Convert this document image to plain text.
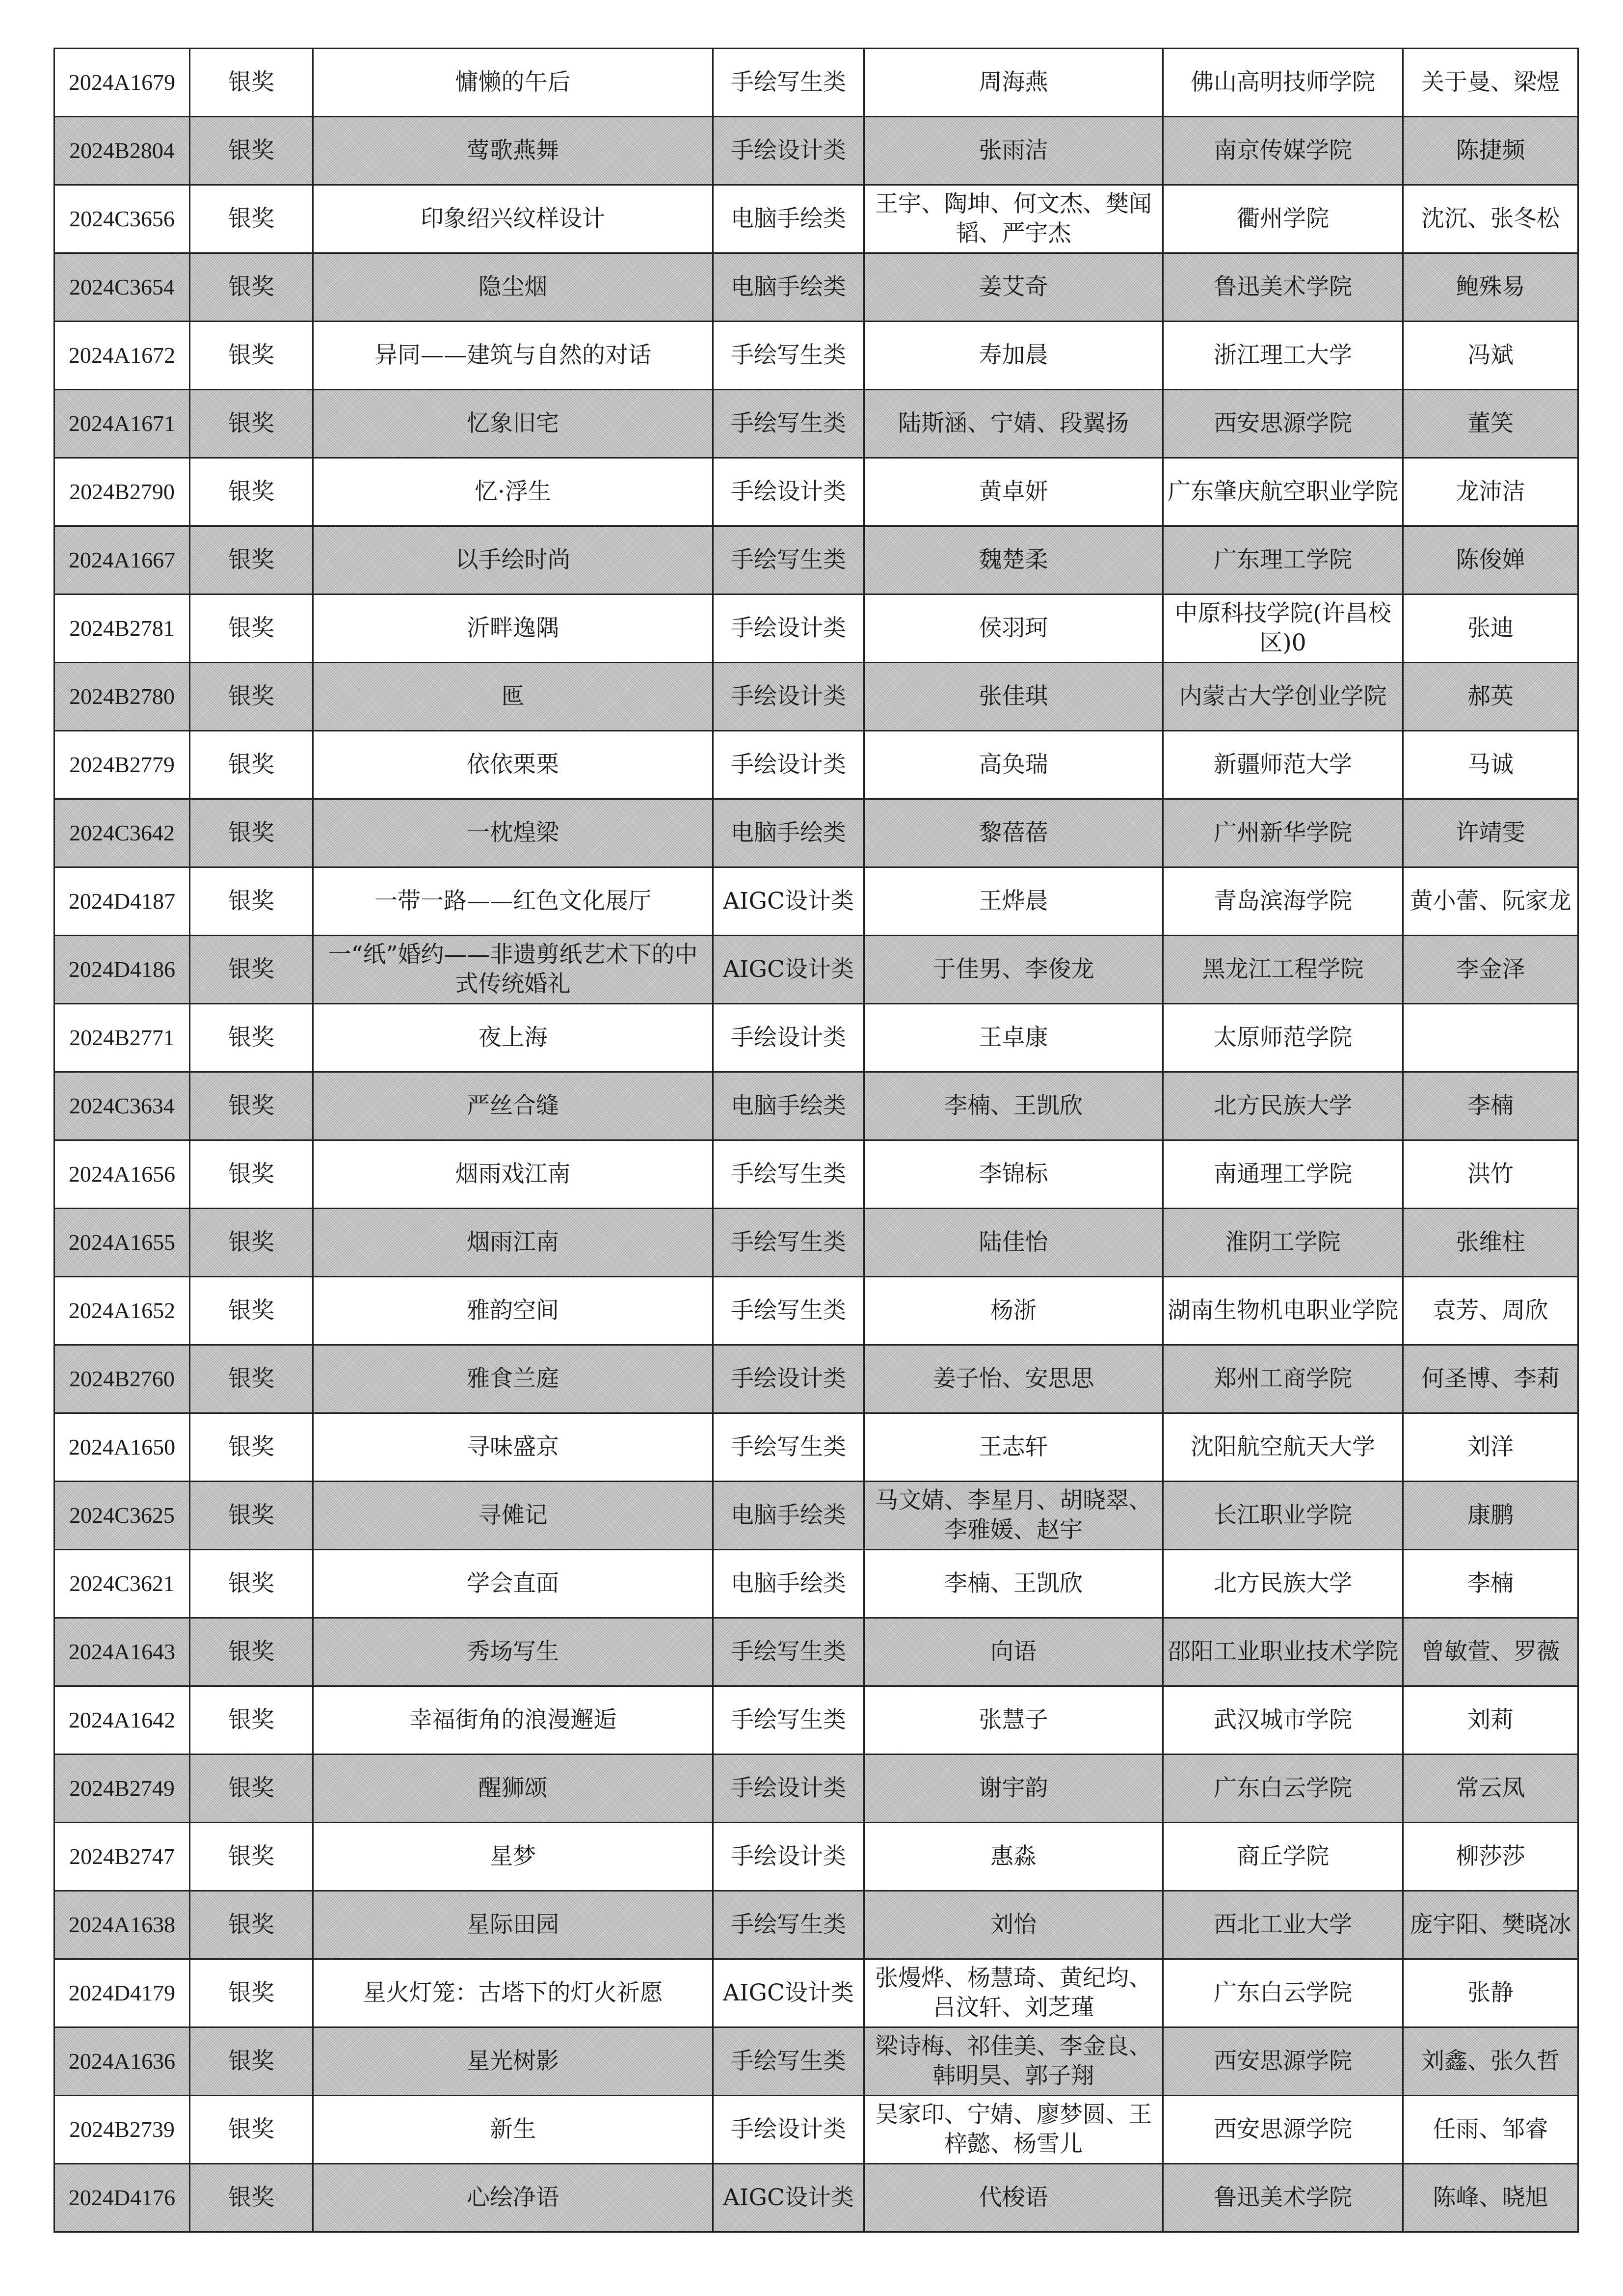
2024A1679	银奖	慵懒的午后	手绘写生类	周海燕	佛山高明技师学院	关于曼、梁煜
2024B2804	银奖	莺歌燕舞	手绘设计类	张雨洁	南京传媒学院	陈捷频
2024C3656	银奖	印象绍兴纹样设计	电脑手绘类	王宇、陶坤、何文杰、樊闻韬、严宇杰	衢州学院	沈沉、张冬松
2024C3654	银奖	隐尘烟	电脑手绘类	姜艾奇	鲁迅美术学院	鲍殊易
2024A1672	银奖	异同——建筑与自然的对话	手绘写生类	寿加晨	浙江理工大学	冯斌
2024A1671	银奖	忆象旧宅	手绘写生类	陆斯涵、宁婧、段翼扬	西安思源学院	董笑
2024B2790	银奖	忆·浮生	手绘设计类	黄卓妍	广东肇庆航空职业学院	龙沛洁
2024A1667	银奖	以手绘时尚	手绘写生类	魏楚柔	广东理工学院	陈俊婵
2024B2781	银奖	沂畔逸隅	手绘设计类	侯羽珂	中原科技学院(许昌校区)0	张迪
2024B2780	银奖	匜	手绘设计类	张佳琪	内蒙古大学创业学院	郝英
2024B2779	银奖	依依栗栗	手绘设计类	高奂瑞	新疆师范大学	马诚
2024C3642	银奖	一枕煌梁	电脑手绘类	黎蓓蓓	广州新华学院	许靖雯
2024D4187	银奖	一带一路——红色文化展厅	AIGC设计类	王烨晨	青岛滨海学院	黄小蕾、阮家龙
2024D4186	银奖	一“纸”婚约——非遗剪纸艺术下的中式传统婚礼	AIGC设计类	于佳男、李俊龙	黑龙江工程学院	李金泽
2024B2771	银奖	夜上海	手绘设计类	王卓康	太原师范学院	
2024C3634	银奖	严丝合缝	电脑手绘类	李楠、王凯欣	北方民族大学	李楠
2024A1656	银奖	烟雨戏江南	手绘写生类	李锦标	南通理工学院	洪竹
2024A1655	银奖	烟雨江南	手绘写生类	陆佳怡	淮阴工学院	张维柱
2024A1652	银奖	雅韵空间	手绘写生类	杨浙	湖南生物机电职业学院	袁芳、周欣
2024B2760	银奖	雅食兰庭	手绘设计类	姜子怡、安思思	郑州工商学院	何圣博、李莉
2024A1650	银奖	寻味盛京	手绘写生类	王志轩	沈阳航空航天大学	刘洋
2024C3625	银奖	寻傩记	电脑手绘类	马文婧、李星月、胡晓翠、李雅媛、赵宇	长江职业学院	康鹏
2024C3621	银奖	学会直面	电脑手绘类	李楠、王凯欣	北方民族大学	李楠
2024A1643	银奖	秀场写生	手绘写生类	向语	邵阳工业职业技术学院	曾敏萱、罗薇
2024A1642	银奖	幸福街角的浪漫邂逅	手绘写生类	张慧子	武汉城市学院	刘莉
2024B2749	银奖	醒狮颂	手绘设计类	谢宇韵	广东白云学院	常云凤
2024B2747	银奖	星梦	手绘设计类	惠淼	商丘学院	柳莎莎
2024A1638	银奖	星际田园	手绘写生类	刘怡	西北工业大学	庞宇阳、樊晓冰
2024D4179	银奖	星火灯笼：古塔下的灯火祈愿	AIGC设计类	张熳烨、杨慧琦、黄纪均、吕汶轩、刘芝瑾	广东白云学院	张静
2024A1636	银奖	星光树影	手绘写生类	梁诗梅、祁佳美、李金良、韩明昊、郭子翔	西安思源学院	刘鑫、张久哲
2024B2739	银奖	新生	手绘设计类	吴家印、宁婧、廖梦圆、王梓懿、杨雪儿	西安思源学院	任雨、邹睿
2024D4176	银奖	心绘净语	AIGC设计类	代梭语	鲁迅美术学院	陈峰、晓旭
